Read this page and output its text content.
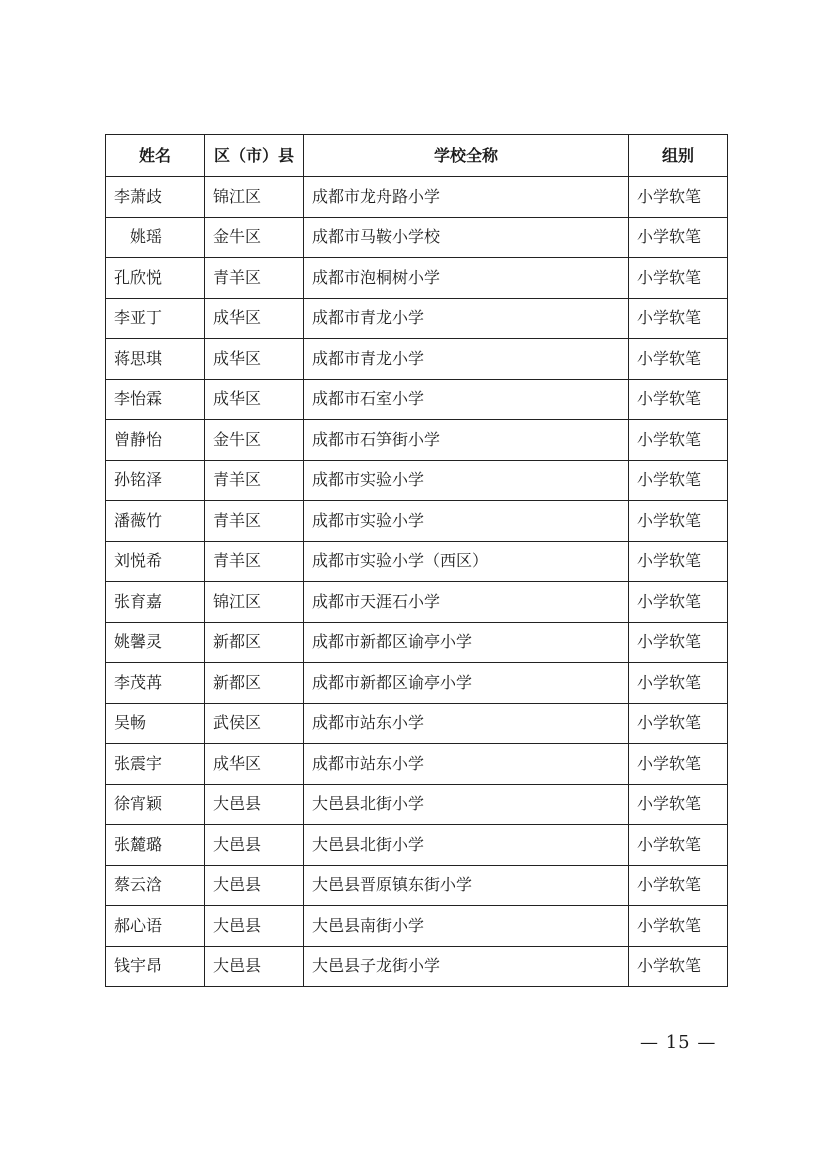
姓名	区（市）县	学校全称	组别
李萧歧	锦江区	成都市龙舟路小学	小学软笔
姚瑶	金牛区	成都市马鞍小学校	小学软笔
孔欣悦	青羊区	成都市泡桐树小学	小学软笔
李亚丁	成华区	成都市青龙小学	小学软笔
蒋思琪	成华区	成都市青龙小学	小学软笔
李怡霖	成华区	成都市石室小学	小学软笔
曾静怡	金牛区	成都市石笋街小学	小学软笔
孙铭泽	青羊区	成都市实验小学	小学软笔
潘薇竹	青羊区	成都市实验小学	小学软笔
刘悦希	青羊区	成都市实验小学（西区）	小学软笔
张育嘉	锦江区	成都市天涯石小学	小学软笔
姚馨灵	新都区	成都市新都区谕亭小学	小学软笔
李茂苒	新都区	成都市新都区谕亭小学	小学软笔
吴畅	武侯区	成都市站东小学	小学软笔
张震宇	成华区	成都市站东小学	小学软笔
徐宵颖	大邑县	大邑县北街小学	小学软笔
张麓璐	大邑县	大邑县北街小学	小学软笔
蔡云浛	大邑县	大邑县晋原镇东街小学	小学软笔
郝心语	大邑县	大邑县南街小学	小学软笔
钱宇昂	大邑县	大邑县子龙街小学	小学软笔
— 15 —
